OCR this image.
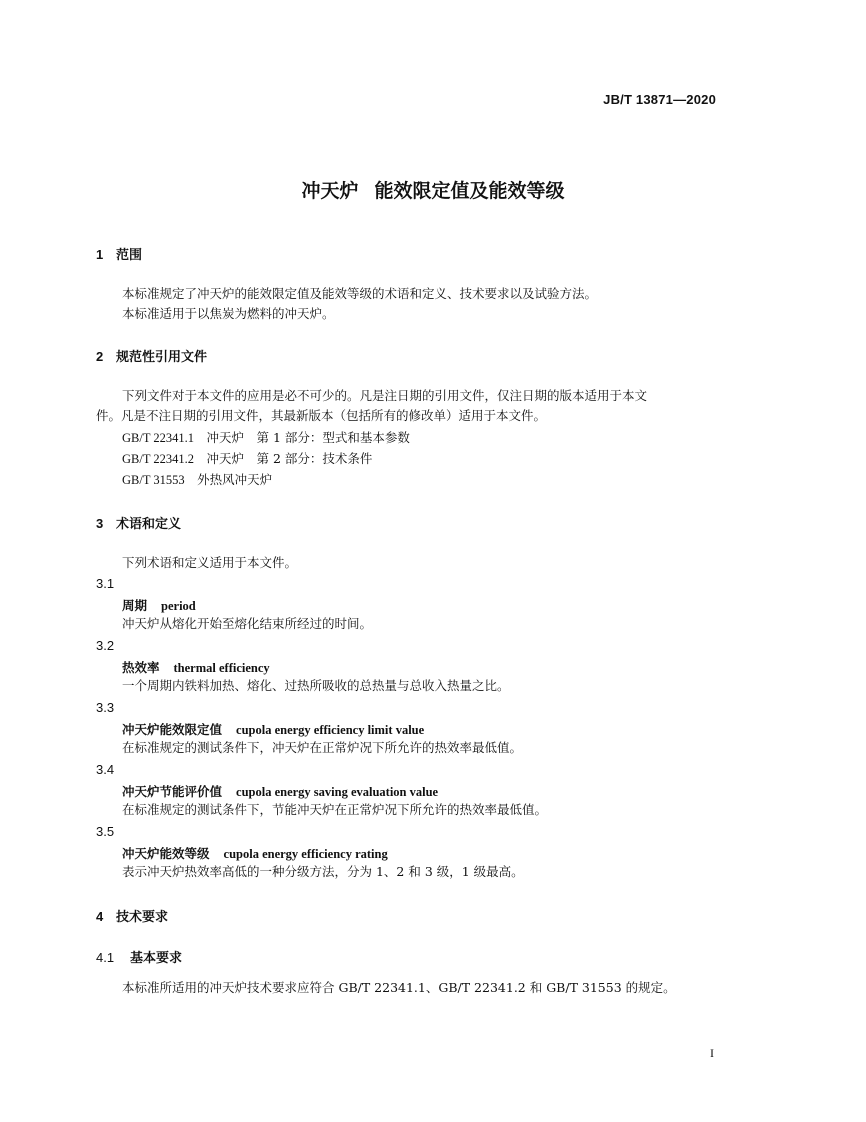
JB/T 13871—2020
冲天炉 能效限定值及能效等级
1 范围
本标准规定了冲天炉的能效限定值及能效等级的术语和定义、技术要求以及试验方法。
本标准适用于以焦炭为燃料的冲天炉。
2 规范性引用文件
下列文件对于本文件的应用是必不可少的。凡是注日期的引用文件，仅注日期的版本适用于本文
件。凡是不注日期的引用文件，其最新版本（包括所有的修改单）适用于本文件。
GB/T 22341.1　 冲天炉　第 1 部分：型式和基本参数
GB/T 22341.2　 冲天炉　第 2 部分：技术条件
GB/T 31553　 外热风冲天炉
3 术语和定义
下列术语和定义适用于本文件。
3.1
周期 period
冲天炉从熔化开始至熔化结束所经过的时间。
3.2
热效率 thermal efficiency
一个周期内铁料加热、熔化、过热所吸收的总热量与总收入热量之比。
3.3
冲天炉能效限定值 cupola energy efficiency limit value
在标准规定的测试条件下，冲天炉在正常炉况下所允许的热效率最低值。
3.4
冲天炉节能评价值 cupola energy saving evaluation value
在标准规定的测试条件下，节能冲天炉在正常炉况下所允许的热效率最低值。
3.5
冲天炉能效等级 cupola energy efficiency rating
表示冲天炉热效率高低的一种分级方法，分为 1、2 和 3 级，1 级最高。
4 技术要求
4.1 基本要求
本标准所适用的冲天炉技术要求应符合 GB/T 22341.1、GB/T 22341.2 和 GB/T 31553 的规定。
I
